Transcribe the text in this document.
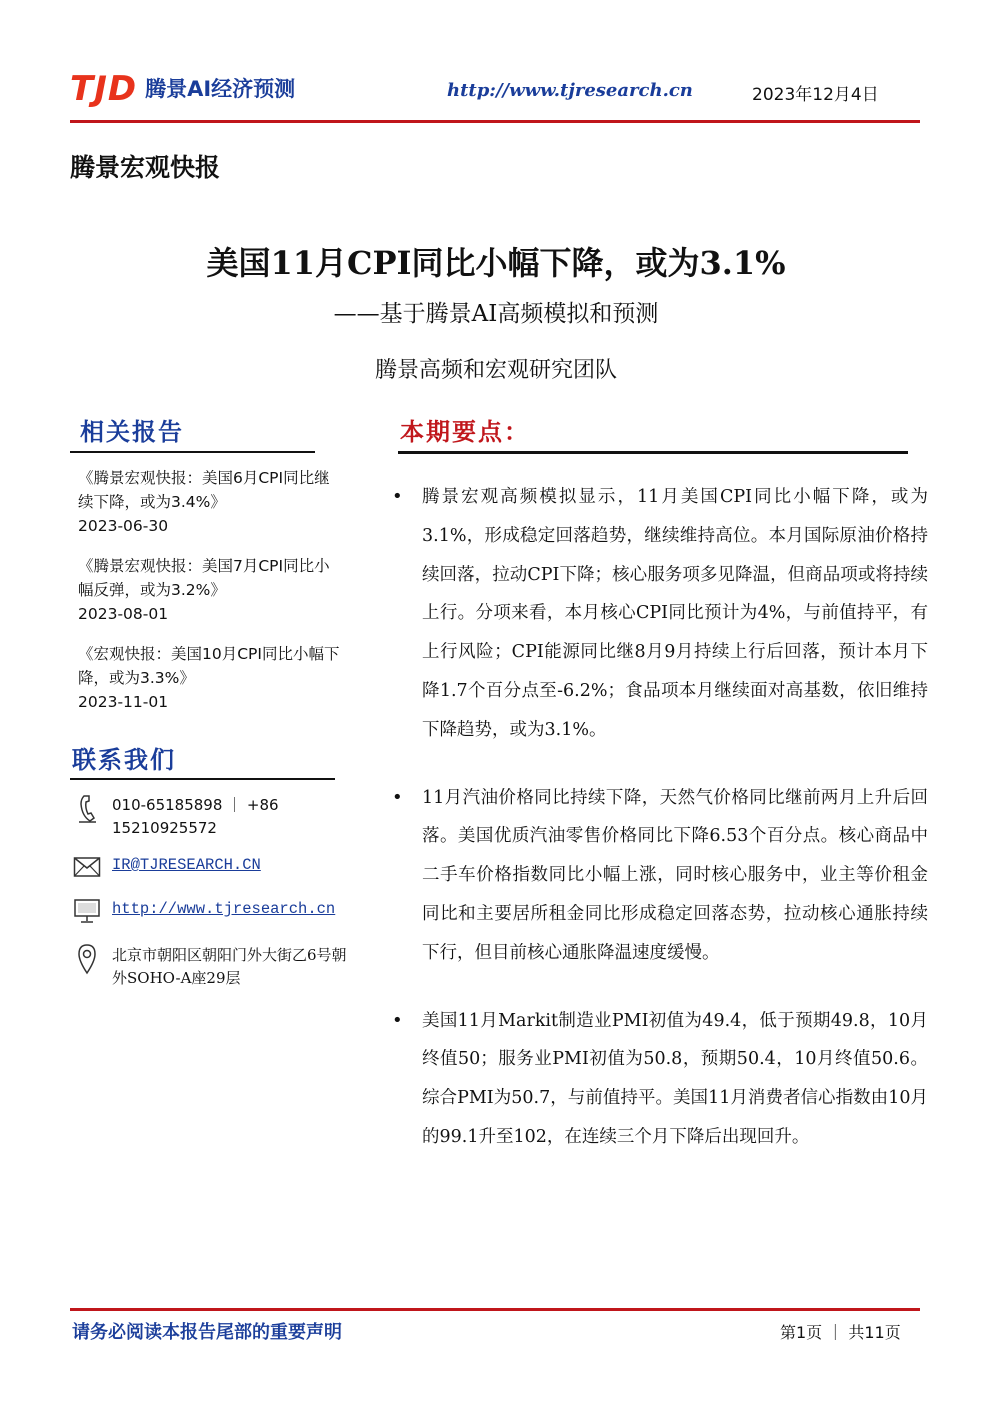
TJD 腾景AI经济预测	http://www.tjresearch.cn	2023年12月4日
腾景宏观快报
美国11月CPI同比小幅下降，或为3.1%
——基于腾景AI高频模拟和预测
腾景高频和宏观研究团队
相关报告
《腾景宏观快报：美国6月CPI同比继续下降，或为3.4%》
2023-06-30
《腾景宏观快报：美国7月CPI同比小幅反弹，或为3.2%》
2023-08-01
《宏观快报：美国10月CPI同比小幅下降，或为3.3%》
2023-11-01
联系我们
010-65185898 ｜ +86 15210925572
IR@TJRESEARCH.CN
http://www.tjresearch.cn
北京市朝阳区朝阳门外大街乙6号朝外SOHO-A座29层
本期要点：
•	腾景宏观高频模拟显示，11月美国CPI同比小幅下降，或为3.1%，形成稳定回落趋势，继续维持高位。本月国际原油价格持续回落，拉动CPI下降；核心服务项多见降温，但商品项或将持续上行。分项来看，本月核心CPI同比预计为4%，与前值持平，有上行风险；CPI能源同比继8月9月持续上行后回落，预计本月下降1.7个百分点至-6.2%；食品项本月继续面对高基数，依旧维持下降趋势，或为3.1%。
•	11月汽油价格同比持续下降，天然气价格同比继前两月上升后回落。美国优质汽油零售价格同比下降6.53个百分点。核心商品中二手车价格指数同比小幅上涨，同时核心服务中，业主等价租金同比和主要居所租金同比形成稳定回落态势，拉动核心通胀持续下行，但目前核心通胀降温速度缓慢。
•	美国11月Markit制造业PMI初值为49.4，低于预期49.8，10月终值50；服务业PMI初值为50.8，预期50.4，10月终值50.6。综合PMI为50.7，与前值持平。美国11月消费者信心指数由10月的99.1升至102，在连续三个月下降后出现回升。
请务必阅读本报告尾部的重要声明	第1页 ｜ 共11页
